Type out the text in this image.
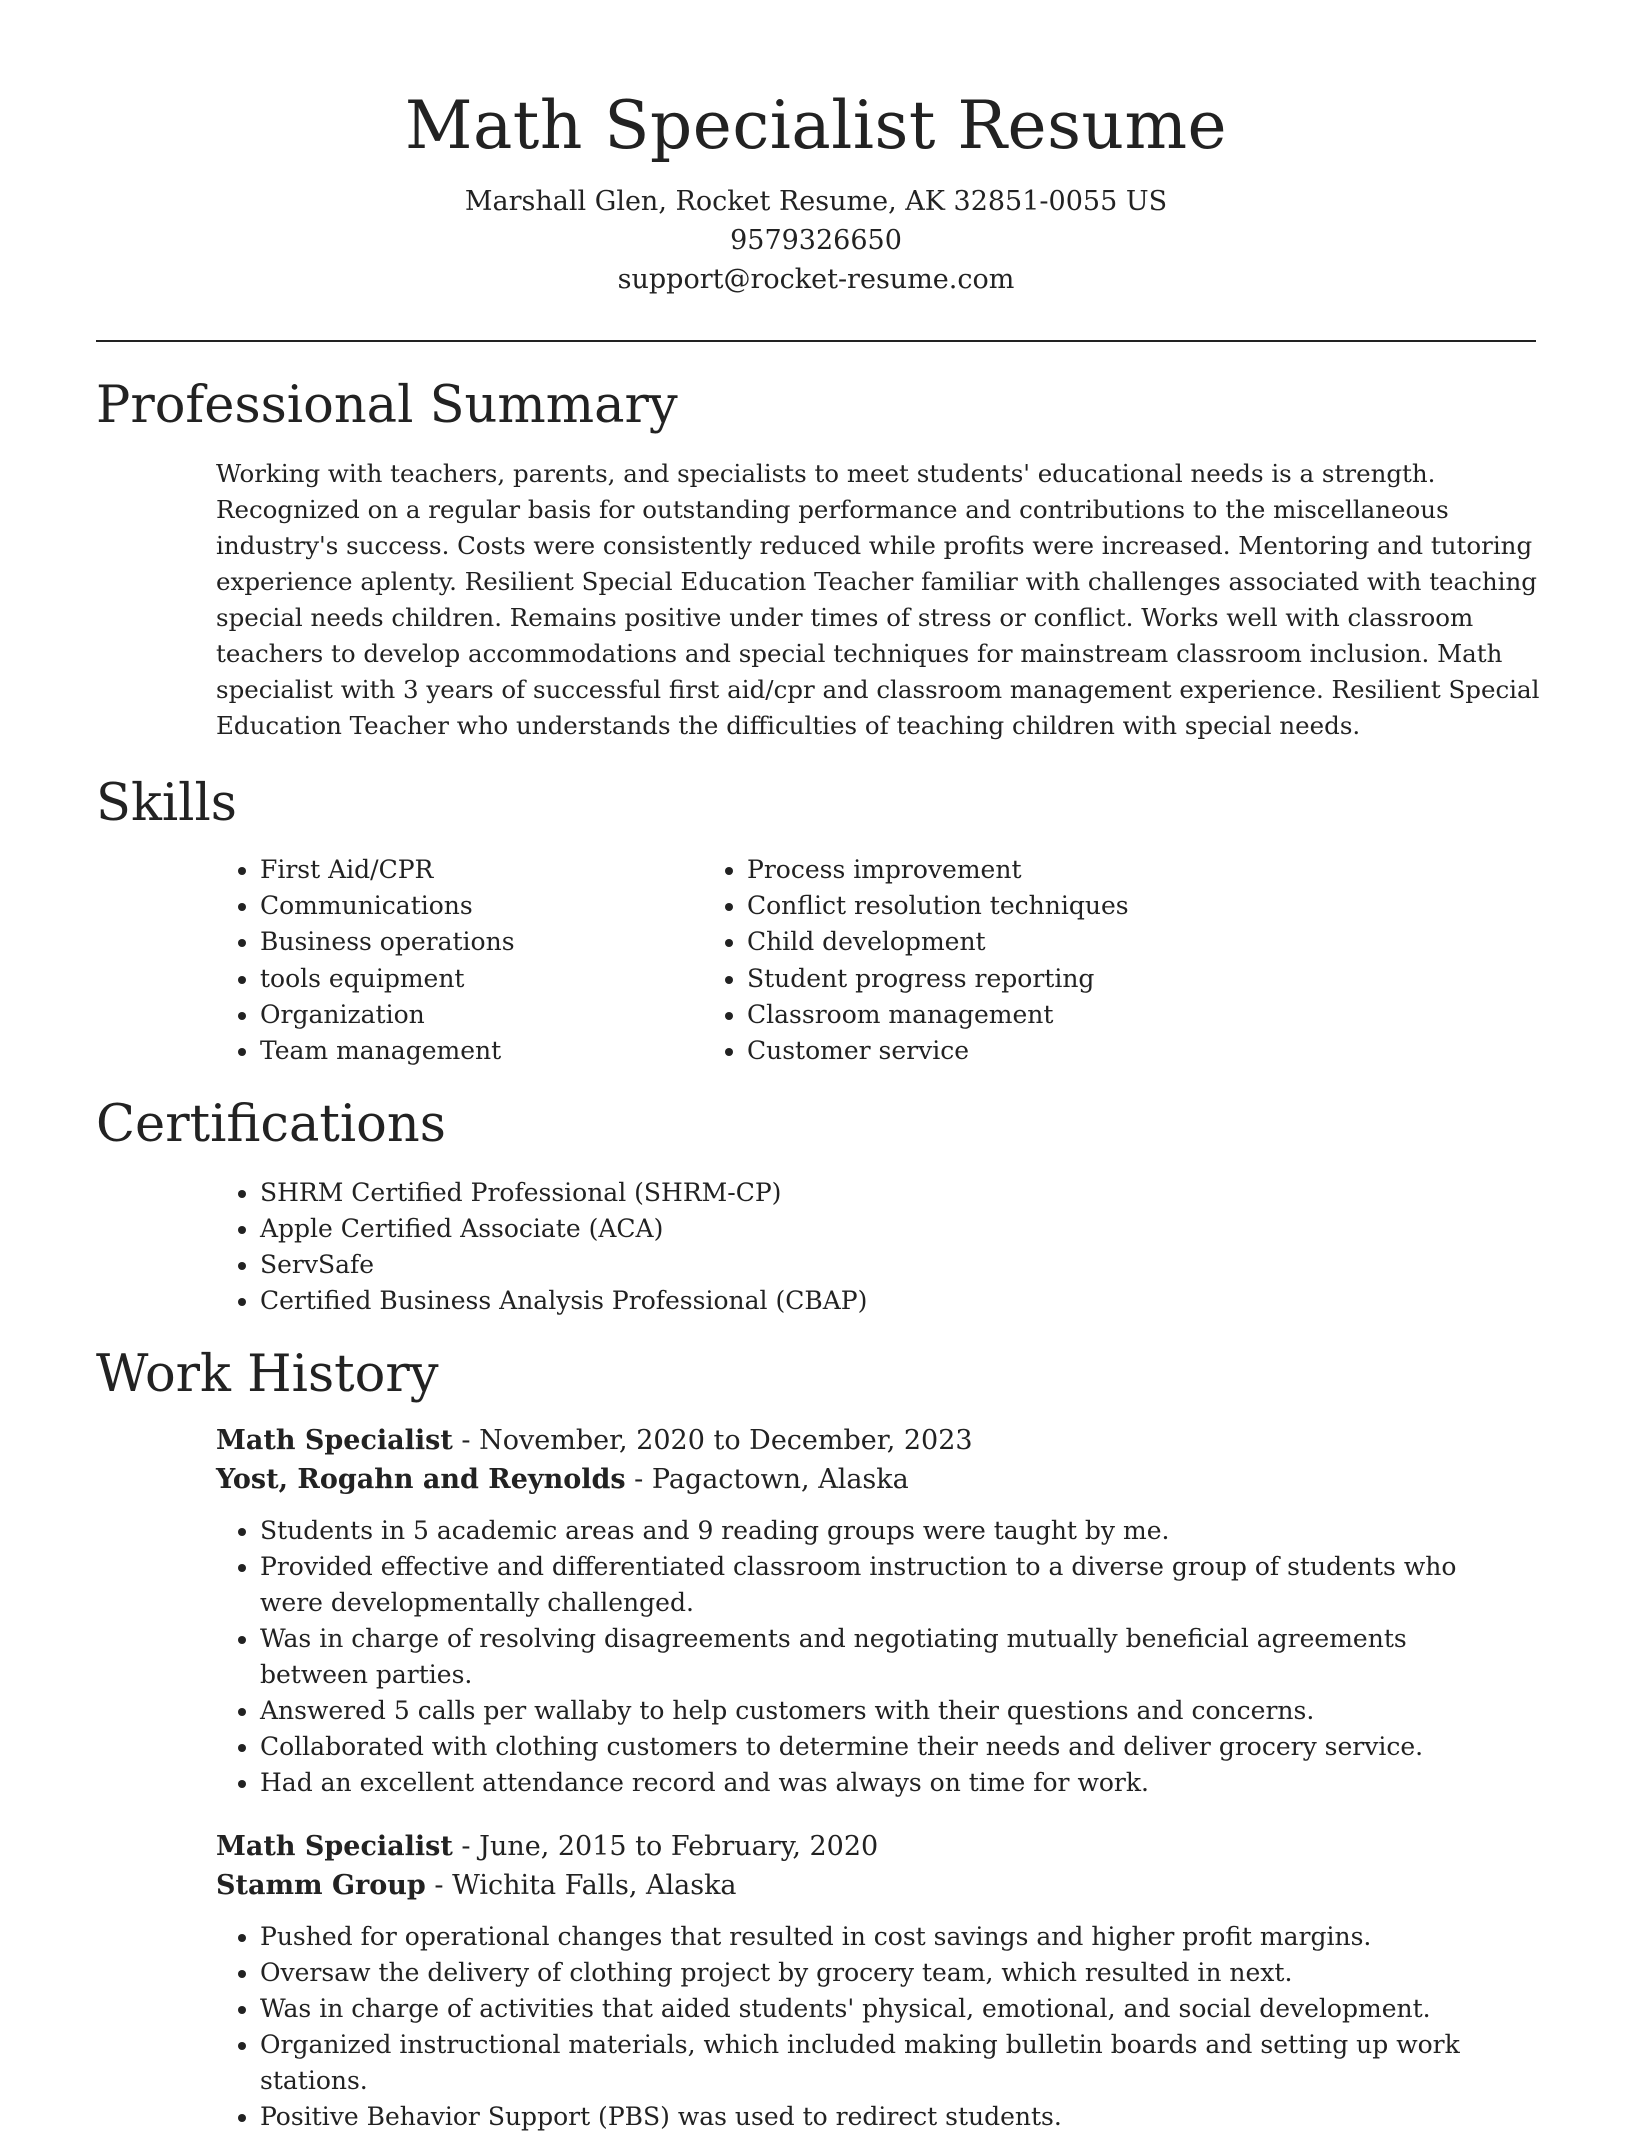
Math Specialist Resume
Marshall Glen, Rocket Resume, AK 32851-0055 US
9579326650
support@rocket-resume.com
Professional Summary

Working with teachers, parents, and specialists to meet students' educational needs is a strength. Recognized on a regular basis for outstanding performance and contributions to the miscellaneous industry's success. Costs were consistently reduced while profits were increased. Mentoring and tutoring experience aplenty. Resilient Special Education Teacher familiar with challenges associated with teaching special needs children. Remains positive under times of stress or conflict. Works well with classroom teachers to develop accommodations and special techniques for mainstream classroom inclusion. Math specialist with 3 years of successful first aid/cpr and classroom management experience. Resilient Special Education Teacher who understands the difficulties of teaching children with special needs.

Skills
• First Aid/CPR
• Communications
• Business operations
• tools equipment
• Organization
• Team management
• Process improvement
• Conflict resolution techniques
• Child development
• Student progress reporting
• Classroom management
• Customer service
Certifications
• SHRM Certified Professional (SHRM-CP)
• Apple Certified Associate (ACA)
• ServSafe
• Certified Business Analysis Professional (CBAP)
Work History
Math Specialist - November, 2020 to December, 2023
Yost, Rogahn and Reynolds - Pagactown, Alaska
• Students in 5 academic areas and 9 reading groups were taught by me.
• Provided effective and differentiated classroom instruction to a diverse group of students who were developmentally challenged.
• Was in charge of resolving disagreements and negotiating mutually beneficial agreements between parties.
• Answered 5 calls per wallaby to help customers with their questions and concerns.
• Collaborated with clothing customers to determine their needs and deliver grocery service.
• Had an excellent attendance record and was always on time for work.
Math Specialist - June, 2015 to February, 2020
Stamm Group - Wichita Falls, Alaska
• Pushed for operational changes that resulted in cost savings and higher profit margins.
• Oversaw the delivery of clothing project by grocery team, which resulted in next.
• Was in charge of activities that aided students' physical, emotional, and social development.
• Organized instructional materials, which included making bulletin boards and setting up work stations.
• Positive Behavior Support (PBS) was used to redirect students.
